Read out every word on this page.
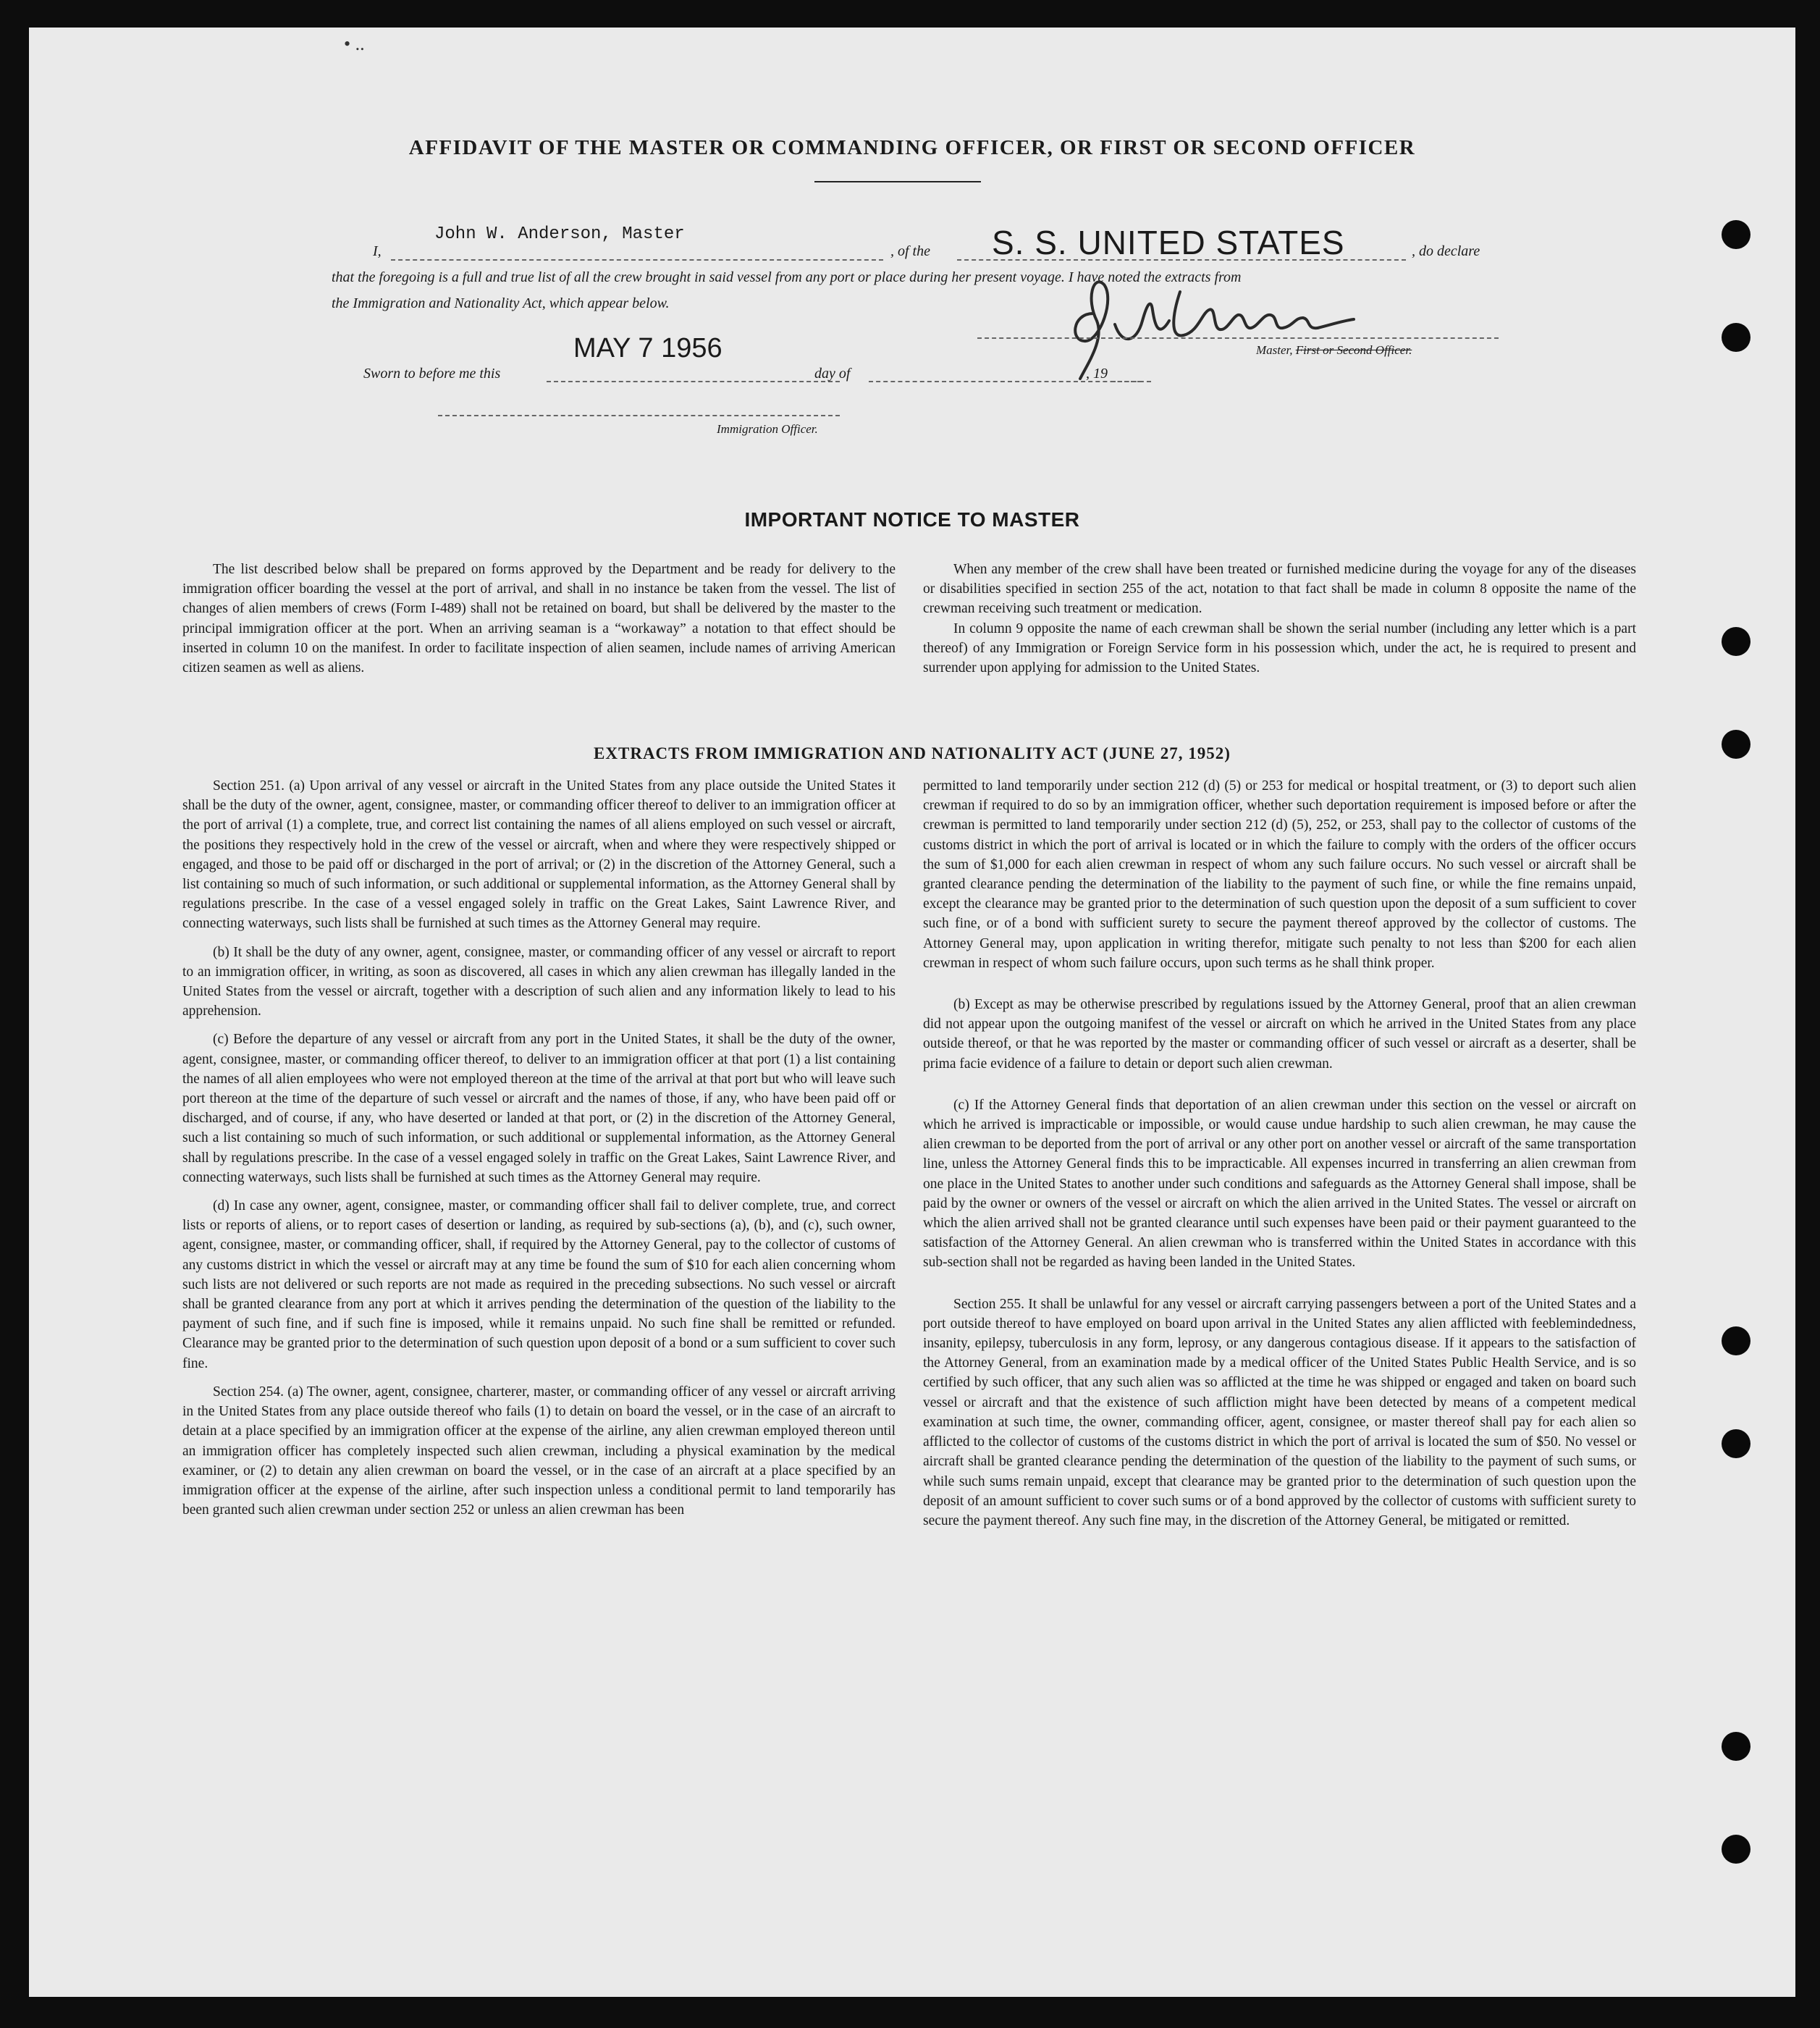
• ..
AFFIDAVIT OF THE MASTER OR COMMANDING OFFICER, OR FIRST OR SECOND OFFICER
I,
John W. Anderson, Master
, of the S. S. UNITED STATES	, do declare
that the foregoing is a full and true list of all the crew brought in said vessel from any port or place during her present voyage. I have noted the extracts from
the Immigration and Nationality Act, which appear below.
Master, First or Second Officer.
Sworn to before me this
MAY 7 1956
day of	, 19
Immigration Officer.
IMPORTANT NOTICE TO MASTER

The list described below shall be prepared on forms approved by the Department and be ready for delivery to the immigration officer boarding the vessel at the port of arrival, and shall in no instance be taken from the vessel. The list of changes of alien members of crews (Form I-489) shall not be retained on board, but shall be delivered by the master to the principal immigration officer at the port. When an arriving seaman is a “workaway” a notation to that effect should be inserted in column 10 on the manifest. In order to facilitate inspection of alien seamen, include names of arriving American citizen seamen as well as aliens.

When any member of the crew shall have been treated or furnished medicine during the voyage for any of the diseases or disabilities specified in section 255 of the act, notation to that fact shall be made in column 8 opposite the name of the crewman receiving such treatment or medication.

In column 9 opposite the name of each crewman shall be shown the serial number (including any letter which is a part thereof) of any Immigration or Foreign Service form in his possession which, under the act, he is required to present and surrender upon applying for admission to the United States.

EXTRACTS FROM IMMIGRATION AND NATIONALITY ACT (JUNE 27, 1952)

Section 251. (a) Upon arrival of any vessel or aircraft in the United States from any place outside the United States it shall be the duty of the owner, agent, consignee, master, or commanding officer thereof to deliver to an immigration officer at the port of arrival (1) a complete, true, and correct list containing the names of all aliens employed on such vessel or aircraft, the positions they respectively hold in the crew of the vessel or aircraft, when and where they were respectively shipped or engaged, and those to be paid off or discharged in the port of arrival; or (2) in the discretion of the Attorney General, such a list containing so much of such information, or such additional or supplemental information, as the Attorney General shall by regulations prescribe. In the case of a vessel engaged solely in traffic on the Great Lakes, Saint Lawrence River, and connecting waterways, such lists shall be furnished at such times as the Attorney General may require.

(b) It shall be the duty of any owner, agent, consignee, master, or commanding officer of any vessel or aircraft to report to an immigration officer, in writing, as soon as discovered, all cases in which any alien crewman has illegally landed in the United States from the vessel or aircraft, together with a description of such alien and any information likely to lead to his apprehension.

(c) Before the departure of any vessel or aircraft from any port in the United States, it shall be the duty of the owner, agent, consignee, master, or commanding officer thereof, to deliver to an immigration officer at that port (1) a list containing the names of all alien employees who were not employed thereon at the time of the arrival at that port but who will leave such port thereon at the time of the departure of such vessel or aircraft and the names of those, if any, who have been paid off or discharged, and of course, if any, who have deserted or landed at that port, or (2) in the discretion of the Attorney General, such a list containing so much of such information, or such additional or supplemental information, as the Attorney General shall by regulations prescribe. In the case of a vessel engaged solely in traffic on the Great Lakes, Saint Lawrence River, and connecting waterways, such lists shall be furnished at such times as the Attorney General may require.

(d) In case any owner, agent, consignee, master, or commanding officer shall fail to deliver complete, true, and correct lists or reports of aliens, or to report cases of desertion or landing, as required by sub-sections (a), (b), and (c), such owner, agent, consignee, master, or commanding officer, shall, if required by the Attorney General, pay to the collector of customs of any customs district in which the vessel or aircraft may at any time be found the sum of $10 for each alien concerning whom such lists are not delivered or such reports are not made as required in the preceding subsections. No such vessel or aircraft shall be granted clearance from any port at which it arrives pending the determination of the question of the liability to the payment of such fine, and if such fine is imposed, while it remains unpaid. No such fine shall be remitted or refunded. Clearance may be granted prior to the determination of such question upon deposit of a bond or a sum sufficient to cover such fine.

Section 254. (a) The owner, agent, consignee, charterer, master, or commanding officer of any vessel or aircraft arriving in the United States from any place outside thereof who fails (1) to detain on board the vessel, or in the case of an aircraft to detain at a place specified by an immigration officer at the expense of the airline, any alien crewman employed thereon until an immigration officer has completely inspected such alien crewman, including a physical examination by the medical examiner, or (2) to detain any alien crewman on board the vessel, or in the case of an aircraft at a place specified by an immigration officer at the expense of the airline, after such inspection unless a conditional permit to land temporarily has been granted such alien crewman under section 252 or unless an alien crewman has been

permitted to land temporarily under section 212 (d) (5) or 253 for medical or hospital treatment, or (3) to deport such alien crewman if required to do so by an immigration officer, whether such deportation requirement is imposed before or after the crewman is permitted to land temporarily under section 212 (d) (5), 252, or 253, shall pay to the collector of customs of the customs district in which the port of arrival is located or in which the failure to comply with the orders of the officer occurs the sum of $1,000 for each alien crewman in respect of whom any such failure occurs. No such vessel or aircraft shall be granted clearance pending the determination of the liability to the payment of such fine, or while the fine remains unpaid, except the clearance may be granted prior to the determination of such question upon the deposit of a sum sufficient to cover such fine, or of a bond with sufficient surety to secure the payment thereof approved by the collector of customs. The Attorney General may, upon application in writing therefor, mitigate such penalty to not less than $200 for each alien crewman in respect of whom such failure occurs, upon such terms as he shall think proper.

(b) Except as may be otherwise prescribed by regulations issued by the Attorney General, proof that an alien crewman did not appear upon the outgoing manifest of the vessel or aircraft on which he arrived in the United States from any place outside thereof, or that he was reported by the master or commanding officer of such vessel or aircraft as a deserter, shall be prima facie evidence of a failure to detain or deport such alien crewman.

(c) If the Attorney General finds that deportation of an alien crewman under this section on the vessel or aircraft on which he arrived is impracticable or impossible, or would cause undue hardship to such alien crewman, he may cause the alien crewman to be deported from the port of arrival or any other port on another vessel or aircraft of the same transportation line, unless the Attorney General finds this to be impracticable. All expenses incurred in transferring an alien crewman from one place in the United States to another under such conditions and safeguards as the Attorney General shall impose, shall be paid by the owner or owners of the vessel or aircraft on which the alien arrived in the United States. The vessel or aircraft on which the alien arrived shall not be granted clearance until such expenses have been paid or their payment guaranteed to the satisfaction of the Attorney General. An alien crewman who is transferred within the United States in accordance with this sub-section shall not be regarded as having been landed in the United States.

Section 255. It shall be unlawful for any vessel or aircraft carrying passengers between a port of the United States and a port outside thereof to have employed on board upon arrival in the United States any alien afflicted with feeblemindedness, insanity, epilepsy, tuberculosis in any form, leprosy, or any dangerous contagious disease. If it appears to the satisfaction of the Attorney General, from an examination made by a medical officer of the United States Public Health Service, and is so certified by such officer, that any such alien was so afflicted at the time he was shipped or engaged and taken on board such vessel or aircraft and that the existence of such affliction might have been detected by means of a competent medical examination at such time, the owner, commanding officer, agent, consignee, or master thereof shall pay for each alien so afflicted to the collector of customs of the customs district in which the port of arrival is located the sum of $50. No vessel or aircraft shall be granted clearance pending the determination of the question of the liability to the payment of such sums, or while such sums remain unpaid, except that clearance may be granted prior to the determination of such question upon the deposit of an amount sufficient to cover such sums or of a bond approved by the collector of customs with sufficient surety to secure the payment thereof. Any such fine may, in the discretion of the Attorney General, be mitigated or remitted.
